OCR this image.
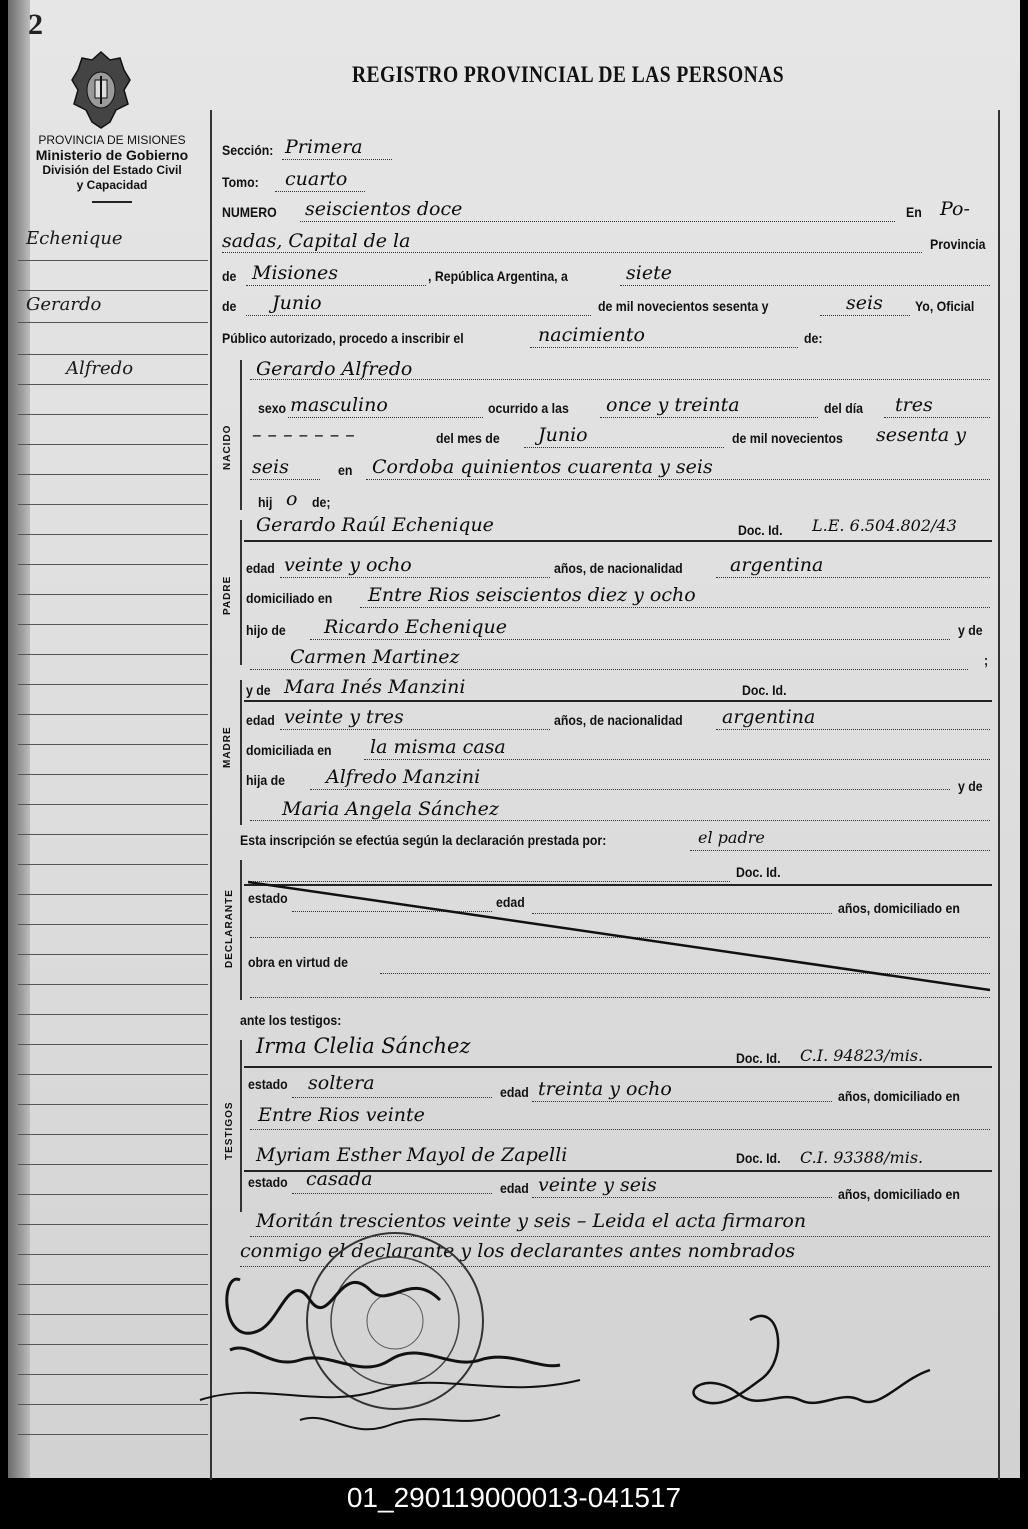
2
REGISTRO PROVINCIAL DE LAS PERSONAS
PROVINCIA DE MISIONES
Ministerio de Gobierno
División del Estado Civil
y Capacidad
Echenique
Gerardo
Alfredo
Sección: Primera
Tomo: cuarto
NUMERO seiscientos doce	En Po-
sadas, Capital de la	Provincia
de Misiones	, República Argentina, a	siete
de Junio	de mil novecientos sesenta y	seis Yo, Oficial
Público autorizado, procedo a inscribir el	nacimiento	de:
NACIDO
Gerardo Alfredo
sexo masculino	ocurrido a las once y treinta	del día tres
– – – – – – –	del mes de Junio	de mil novecientos sesenta y
seis	en Cordoba quinientos cuarenta y seis
hij o de;
PADRE
Gerardo Raúl Echenique	Doc. Id. L.E. 6.504.802/43
edad veinte y ocho	años, de nacionalidad argentina
domiciliado en Entre Rios seiscientos diez y ocho
hijo de Ricardo Echenique	y de
Carmen Martinez	;
MADRE
y de Mara Inés Manzini	Doc. Id.
edad veinte y tres	años, de nacionalidad argentina
domiciliada en la misma casa
hija de Alfredo Manzini	y de
Maria Angela Sánchez
Esta inscripción se efectúa según la declaración prestada por:	el padre
DECLARANTE
Doc. Id.
estado	edad	años, domiciliado en
obra en virtud de
ante los testigos:
TESTIGOS
Irma Clelia Sánchez	Doc. Id. C.I. 94823/mis.
estado soltera	edad treinta y ocho	años, domiciliado en
Entre Rios veinte
Myriam Esther Mayol de Zapelli	Doc. Id. C.I. 93388/mis.
estado casada	edad veinte y seis	años, domiciliado en
Moritán trescientos veinte y seis – Leida el acta firmaron
conmigo el declarante y los declarantes antes nombrados
01_290119000013-041517
